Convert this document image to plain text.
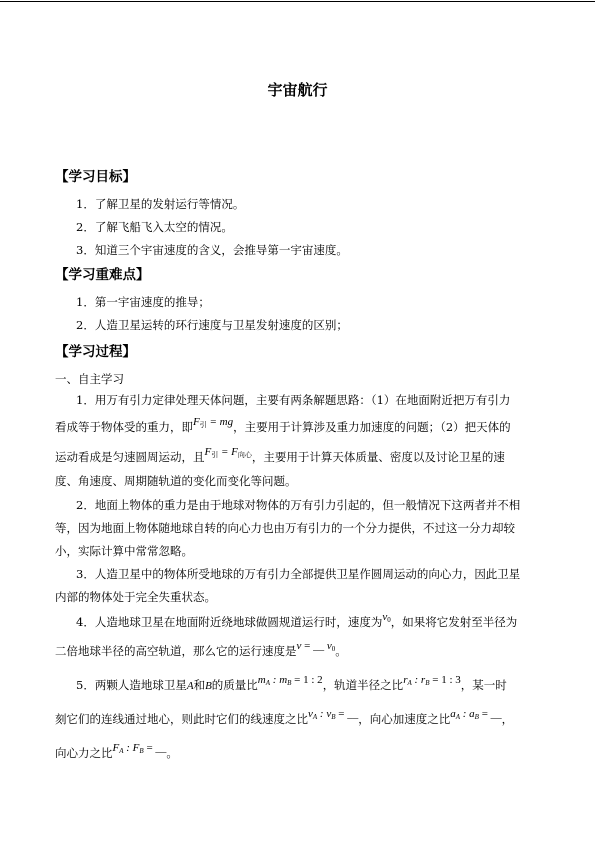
宇宙航行
【学习目标】
1．了解卫星的发射运行等情况。
2．了解飞船飞入太空的情况。
3．知道三个宇宙速度的含义，会推导第一宇宙速度。
【学习重难点】
1．第一宇宙速度的推导；
2．人造卫星运转的环行速度与卫星发射速度的区别；
【学习过程】
一、自主学习
1．用万有引力定律处理天体问题，主要有两条解题思路：（1）在地面附近把万有引力
看成等于物体受的重力，即$F_引$ = mg，主要用于计算涉及重力加速度的问题；（2）把天体的
运动看成是匀速圆周运动，且$F_引 = F_{向心}$，主要用于计算天体质量、密度以及讨论卫星的速
度、角速度、周期随轨道的变化而变化等问题。
2．地面上物体的重力是由于地球对物体的万有引力引起的，但一般情况下这两者并不相
等，因为地面上物体随地球自转的向心力也由万有引力的一个分力提供，不过这一分力却较
小，实际计算中常常忽略。
3．人造卫星中的物体所受地球的万有引力全部提供卫星作圆周运动的向心力，因此卫星
内部的物体处于完全失重状态。
4．人造地球卫星在地面附近绕地球做圆规道运行时，速度为$v_0$，如果将它发射至半径为
二倍地球半径的高空轨道，那么它的运行速度是v = __ $v_0$。
5．两颗人造地球卫星A和B的质量比mA : mB = 1 : 2，轨道半径之比rA : rB = 1 : 3，某一时
刻它们的连线通过地心，则此时它们的线速度之比vA : vB = __，向心加速度之比aA : aB = __，
向心力之比FA : FB = __。
